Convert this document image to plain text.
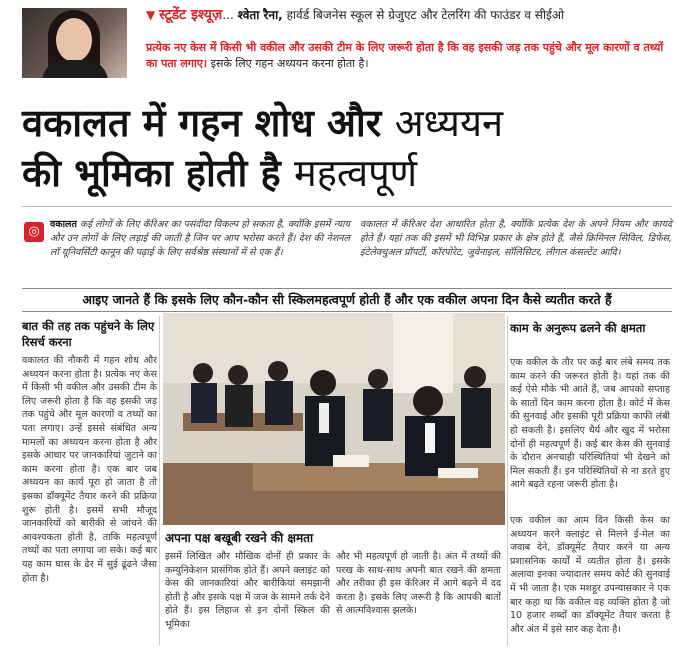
▼ स्टूडेंट इश्यूज़... श्वेता रैना, हार्वर्ड बिजनेस स्कूल से ग्रेजुएट और टेलरिंग की फाउंडर व सीईओ
प्रत्येक नए केस में किसी भी वकील और उसकी टीम के लिए जरूरी होता है कि वह इसकी जड़ तक पहुंचे और मूल कारणों व तथ्यों का पता लगाए। इसके लिए गहन अध्ययन करना होता है।
वकालत में गहन शोध और अध्ययन
की भूमिका होती है महत्वपूर्ण
◎	वकालत कई लोगों के लिए कॅरिअर का पसंदीदा विकल्प हो सकता है, क्योंकि इसमें न्याय और उन लोगों के लिए लड़ाई की जाती है जिन पर आप भरोसा करते हैं। देश की नेशनल लॉ यूनिवर्सिटी कानून की पढ़ाई के लिए सर्वश्रेष्ठ संस्थानों में से एक हैं।
वकालत में कॅरिअर देश आधारित होता है, क्योंकि प्रत्येक देश के अपने नियम और कायदे होते हैं। यहां तक की इसमें भी विभिन्न प्रकार के क्षेत्र होते हैं, जैसे क्रिमिनल सिविल, डिफेंस, इंटेलेक्चुअल प्रॉपर्टी, कॉरपोरेट, जुवेनाइल, सॉलिसिटर, लीगल कंसल्टेंट आदि।
आइए जानते हैं कि इसके लिए कौन-कौन सी स्किलमहत्वपूर्ण होती हैं और एक वकील अपना दिन कैसे व्यतीत करते हैं
बात की तह तक पहुंचने के लिए रिसर्च करना
वकालत की नौकरी में गहन शोध और अध्ययन करना होता है। प्रत्येक नए केस में किसी भी वकील और उसकी टीम के लिए जरूरी होता है कि वह इसकी जड़ तक पहुंचे और मूल कारणों व तथ्यों का पता लगाए। उन्हें इससे संबंधित अन्य मामलों का अध्ययन करना होता है और इसके आधार पर जानकारियां जुटाने का काम करना होता है। एक बार जब अध्ययन का कार्य पूरा हो जाता है तो इसका डॉक्यूमेंट तैयार करने की प्रक्रिया शुरू होती है। इसमें सभी मौजूद जानकारियों को बारीकी से जांचने की आवश्यकता होती है, ताकि महत्वपूर्ण तथ्यों का पता लगाया जा सके। कई बार यह काम घास के ढेर में सुई ढूंढने जैसा होता है।
अपना पक्ष बखूबी रखने की क्षमता
इसमें लिखित और मौखिक दोनों ही प्रकार के कम्युनिकेशन प्रासंगिक होते हैं। अपने क्लाइंट को केस की जानकारियां और बारीकियां समझानी होती है और इसके पक्ष में जज के सामने तर्क देने होते हैं। इस लिहाज से इन दोनों स्किल की भूमिका
और भी महत्वपूर्ण हो जाती है। अंत में तथ्यों की परख के साथ-साथ अपनी बात रखने की क्षमता और तरीका ही इस कॅरिअर में आगे बढ़ने में दद करता है। इसके लिए जरूरी है कि आपकी बातों से आत्मविश्वास झलके।
काम के अनुरूप ढलने की क्षमता
एक वकील के तौर पर कई बार लंबे समय तक काम करने की जरूरत होती है। यहां तक की कई ऐसे मौके भी आते हैं, जब आपको सप्ताह के सातों दिन काम करना होता है। कोर्ट में केस की सुनवाई और इसकी पूरी प्रक्रिया काफी लंबी हो सकती है। इसलिए धैर्य और खुद में भरोसा दोनों ही महत्वपूर्ण हैं। कई बार केस की सुनवाई के दौरान अनचाही परिस्थितियां भी देखने को मिल सकती हैं। इन परिस्थितियों से ना डरते हुए आगे बढ़ते रहना जरूरी होता है।
एक वकील का आम दिन किसी केस का अध्ययन करने क्लाइंट से मिलने ई-मेल का जवाब देने, डॉक्यूमेंट तैयार करने या अन्य प्रशासनिक कार्यों में व्यतीत होता है। इसके अलावा इनका ज्यादातर समय कोर्ट की सुनवाई में भी जाता है। एक मशहूर उपन्यासकार ने एक बार कहा था कि वकील वह व्यक्ति होता है जो 10 हजार शब्दों का डॉक्यूमेंट तैयार करता है और अंत में इसे सार कह देता है।
